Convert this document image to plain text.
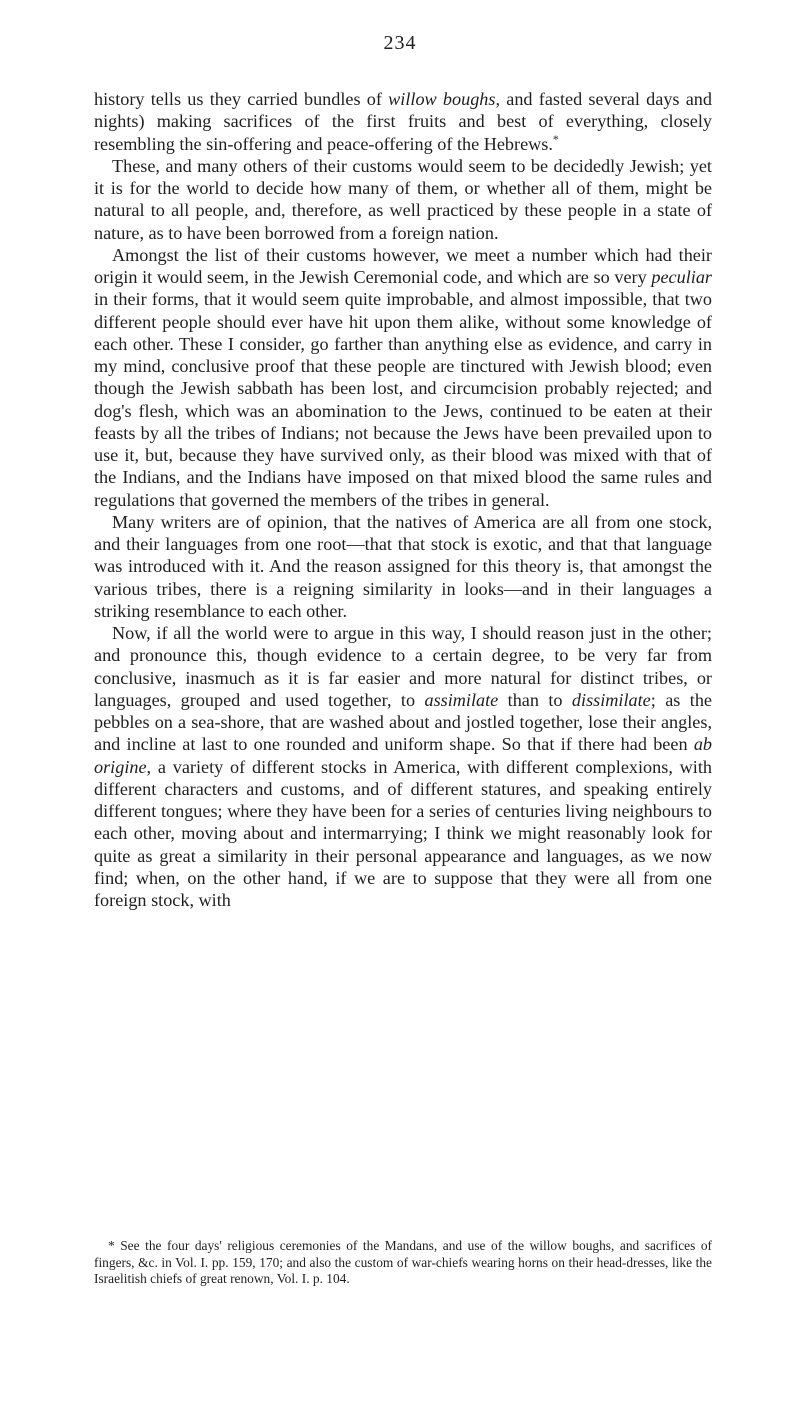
234

history tells us they carried bundles of willow boughs, and fasted several days and nights) making sacrifices of the first fruits and best of everything, closely resembling the sin-offering and peace-offering of the Hebrews.*

These, and many others of their customs would seem to be decidedly Jewish; yet it is for the world to decide how many of them, or whether all of them, might be natural to all people, and, therefore, as well practiced by these people in a state of nature, as to have been borrowed from a foreign nation.

Amongst the list of their customs however, we meet a number which had their origin it would seem, in the Jewish Ceremonial code, and which are so very peculiar in their forms, that it would seem quite improbable, and almost impossible, that two different people should ever have hit upon them alike, without some knowledge of each other. These I consider, go farther than anything else as evidence, and carry in my mind, conclusive proof that these people are tinctured with Jewish blood; even though the Jewish sabbath has been lost, and circumcision probably rejected; and dog's flesh, which was an abomination to the Jews, continued to be eaten at their feasts by all the tribes of Indians; not because the Jews have been prevailed upon to use it, but, because they have survived only, as their blood was mixed with that of the Indians, and the Indians have imposed on that mixed blood the same rules and regulations that governed the members of the tribes in general.

Many writers are of opinion, that the natives of America are all from one stock, and their languages from one root—that that stock is exotic, and that that language was introduced with it. And the reason assigned for this theory is, that amongst the various tribes, there is a reigning similarity in looks—and in their languages a striking resemblance to each other.

Now, if all the world were to argue in this way, I should reason just in the other; and pronounce this, though evidence to a certain degree, to be very far from conclusive, inasmuch as it is far easier and more natural for distinct tribes, or languages, grouped and used together, to assimilate than to dissimilate; as the pebbles on a sea-shore, that are washed about and jostled together, lose their angles, and incline at last to one rounded and uniform shape. So that if there had been ab origine, a variety of different stocks in America, with different complexions, with different characters and customs, and of different statures, and speaking entirely different tongues; where they have been for a series of centuries living neighbours to each other, moving about and intermarrying; I think we might reasonably look for quite as great a similarity in their personal appearance and languages, as we now find; when, on the other hand, if we are to suppose that they were all from one foreign stock, with

* See the four days' religious ceremonies of the Mandans, and use of the willow boughs, and sacrifices of fingers, &c. in Vol. I. pp. 159, 170; and also the custom of war-chiefs wearing horns on their head-dresses, like the Israelitish chiefs of great renown, Vol. I. p. 104.
